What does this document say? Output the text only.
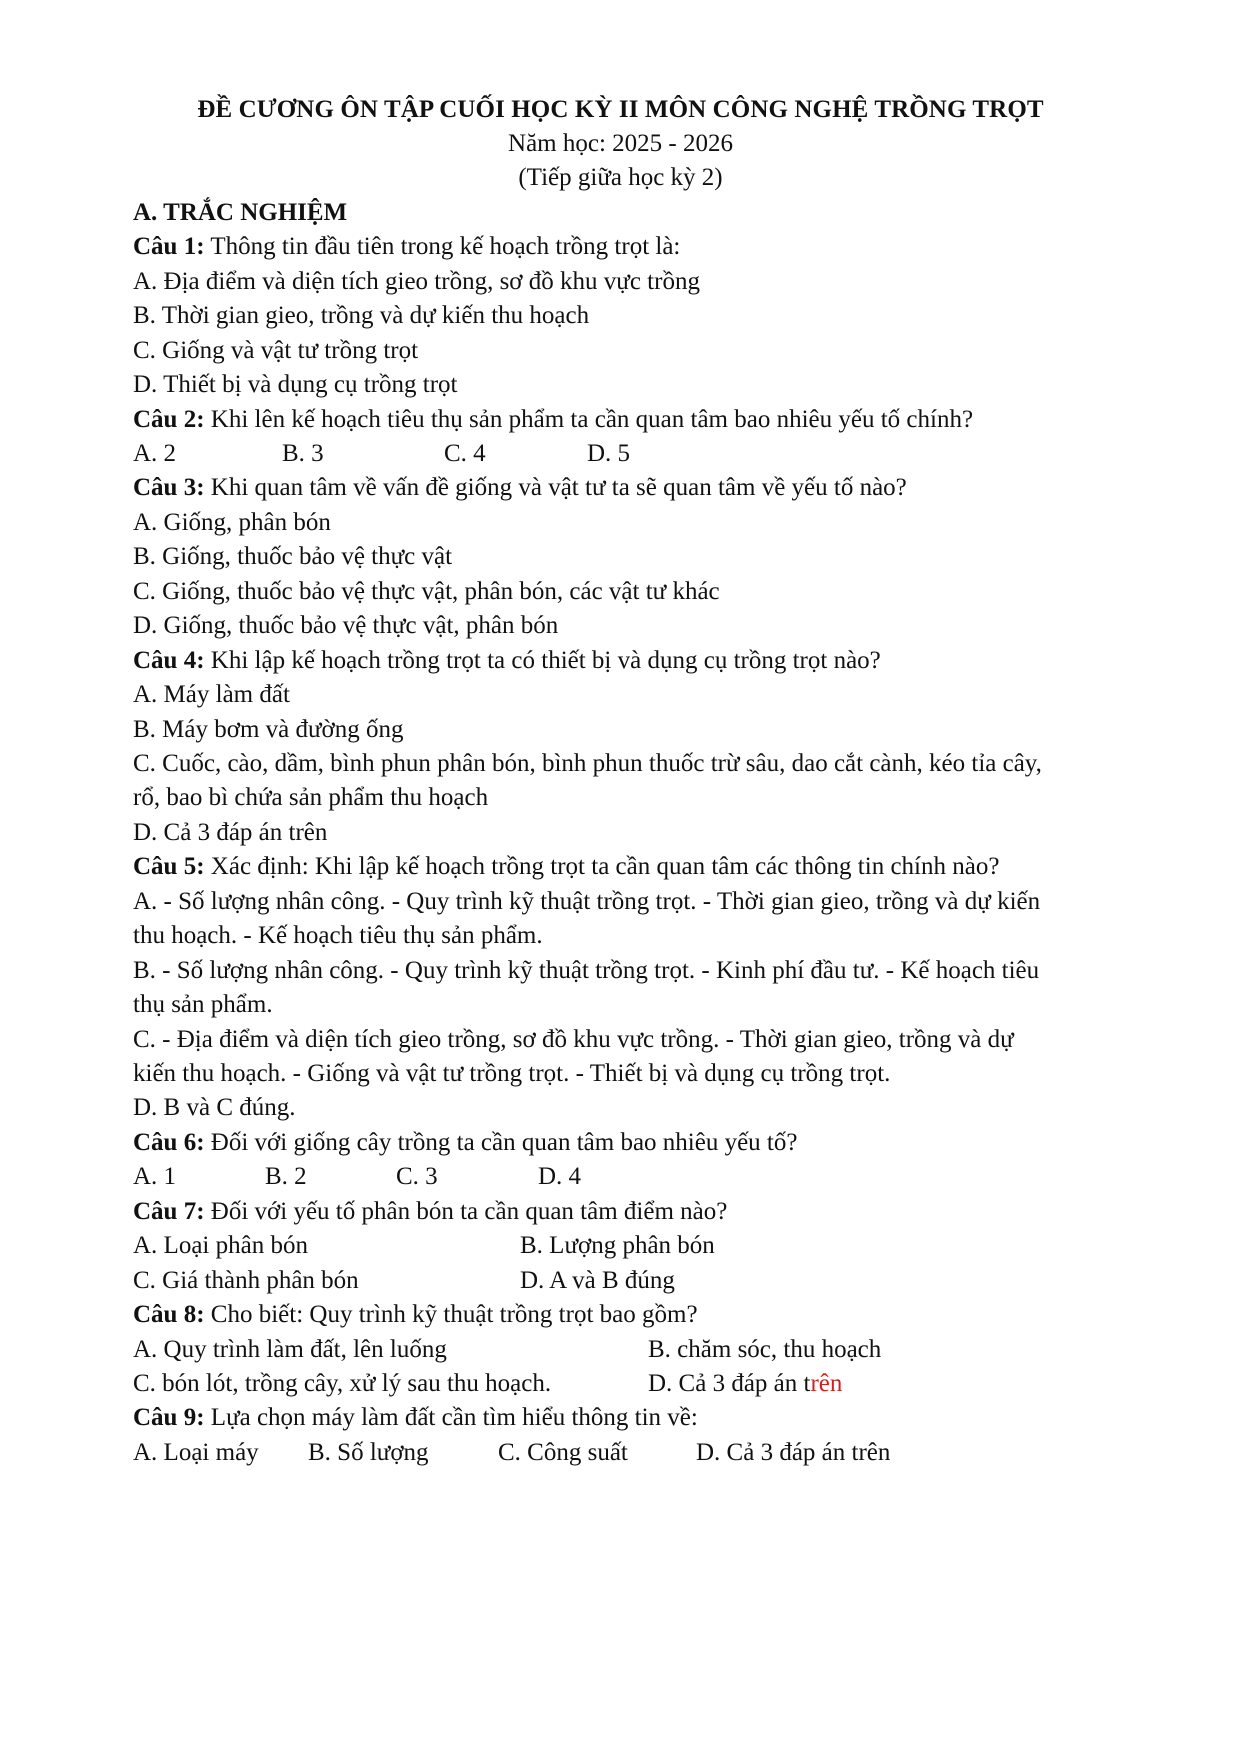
ĐỀ CƯƠNG ÔN TẬP CUỐI HỌC KỲ II MÔN CÔNG NGHỆ TRỒNG TRỌT
Năm học: 2025 - 2026
(Tiếp giữa học kỳ 2)
A. TRẮC NGHIỆM
Câu 1: Thông tin đầu tiên trong kế hoạch trồng trọt là:
A. Địa điểm và diện tích gieo trồng, sơ đồ khu vực trồng
B. Thời gian gieo, trồng và dự kiến thu hoạch
C. Giống và vật tư trồng trọt
D. Thiết bị và dụng cụ trồng trọt
Câu 2: Khi lên kế hoạch tiêu thụ sản phẩm ta cần quan tâm bao nhiêu yếu tố chính?
A. 2	B. 3	C. 4	D. 5
Câu 3: Khi quan tâm về vấn đề giống và vật tư ta sẽ quan tâm về yếu tố nào?
A. Giống, phân bón
B. Giống, thuốc bảo vệ thực vật
C. Giống, thuốc bảo vệ thực vật, phân bón, các vật tư khác
D. Giống, thuốc bảo vệ thực vật, phân bón
Câu 4: Khi lập kế hoạch trồng trọt ta có thiết bị và dụng cụ trồng trọt nào?
A. Máy làm đất
B. Máy bơm và đường ống
C. Cuốc, cào, dầm, bình phun phân bón, bình phun thuốc trừ sâu, dao cắt cành, kéo tỉa cây,
rổ, bao bì chứa sản phẩm thu hoạch
D. Cả 3 đáp án trên
Câu 5: Xác định: Khi lập kế hoạch trồng trọt ta cần quan tâm các thông tin chính nào?
A. - Số lượng nhân công. - Quy trình kỹ thuật trồng trọt. - Thời gian gieo, trồng và dự kiến
thu hoạch. - Kế hoạch tiêu thụ sản phẩm.
B. - Số lượng nhân công. - Quy trình kỹ thuật trồng trọt. - Kinh phí đầu tư. - Kế hoạch tiêu
thụ sản phẩm.
C. - Địa điểm và diện tích gieo trồng, sơ đồ khu vực trồng. - Thời gian gieo, trồng và dự
kiến thu hoạch. - Giống và vật tư trồng trọt. - Thiết bị và dụng cụ trồng trọt.
D. B và C đúng.
Câu 6: Đối với giống cây trồng ta cần quan tâm bao nhiêu yếu tố?
A. 1	B. 2	C. 3	D. 4
Câu 7: Đối với yếu tố phân bón ta cần quan tâm điểm nào?
A. Loại phân bón	B. Lượng phân bón
C. Giá thành phân bón	D. A và B đúng
Câu 8: Cho biết: Quy trình kỹ thuật trồng trọt bao gồm?
A. Quy trình làm đất, lên luống	B. chăm sóc, thu hoạch
C. bón lót, trồng cây, xử lý sau thu hoạch.	D. Cả 3 đáp án trên
Câu 9: Lựa chọn máy làm đất cần tìm hiểu thông tin về:
A. Loại máy B. Số lượng	C. Công suất	D. Cả 3 đáp án trên
